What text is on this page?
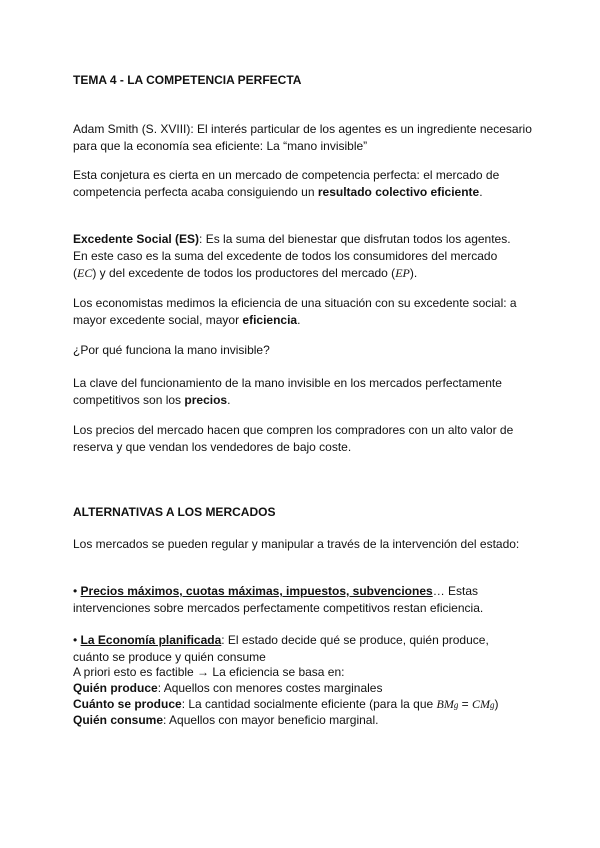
TEMA 4 - LA COMPETENCIA PERFECTA

Adam Smith (S. XVIII): El interés particular de los agentes es un ingrediente necesario para que la economía sea eficiente: La “mano invisible”

Esta conjetura es cierta en un mercado de competencia perfecta: el mercado de competencia perfecta acaba consiguiendo un resultado colectivo eficiente.

Excedente Social (ES): Es la suma del bienestar que disfrutan todos los agentes. En este caso es la suma del excedente de todos los consumidores del mercado (EC) y del excedente de todos los productores del mercado (EP).

Los economistas medimos la eficiencia de una situación con su excedente social: a mayor excedente social, mayor eficiencia.

¿Por qué funciona la mano invisible?

La clave del funcionamiento de la mano invisible en los mercados perfectamente competitivos son los precios.

Los precios del mercado hacen que compren los compradores con un alto valor de reserva y que vendan los vendedores de bajo coste.

ALTERNATIVAS A LOS MERCADOS

Los mercados se pueden regular y manipular a través de la intervención del estado:

• Precios máximos, cuotas máximas, impuestos, subvenciones… Estas intervenciones sobre mercados perfectamente competitivos restan eficiencia.

• La Economía planificada: El estado decide qué se produce, quién produce, cuánto se produce y quién consume

A priori esto es factible → La eficiencia se basa en:
Quién produce: Aquellos con menores costes marginales
Cuánto se produce: La cantidad socialmente eficiente (para la que BMg = CMg)
Quién consume: Aquellos con mayor beneficio marginal.
